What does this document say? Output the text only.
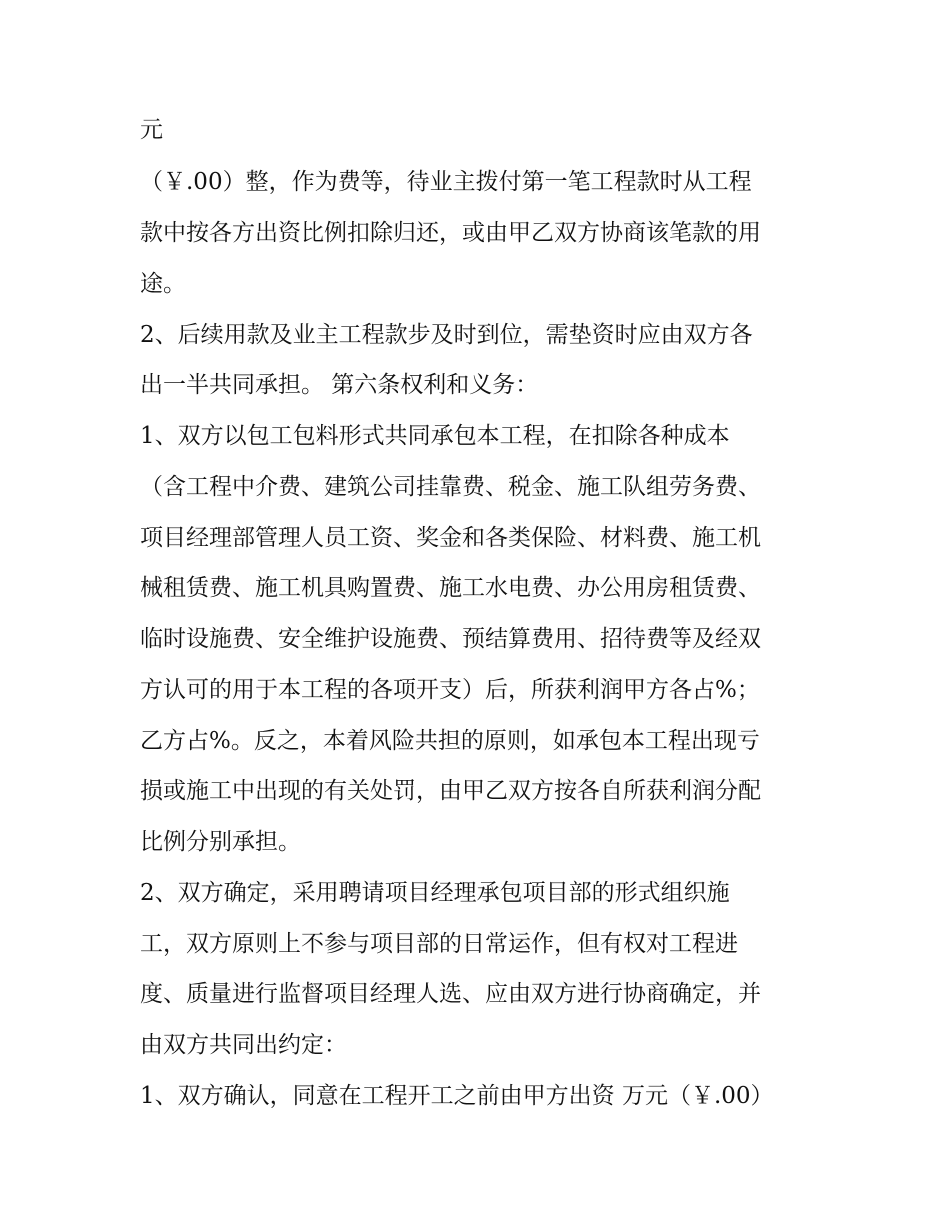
元
（￥.00）整，作为费等，待业主拨付第一笔工程款时从工程
款中按各方出资比例扣除归还，或由甲乙双方协商该笔款的用
途。
2、后续用款及业主工程款步及时到位，需垫资时应由双方各
出一半共同承担。 第六条权利和义务：
1、双方以包工包料形式共同承包本工程，在扣除各种成本
（含工程中介费、建筑公司挂靠费、税金、施工队组劳务费、
项目经理部管理人员工资、奖金和各类保险、材料费、施工机
械租赁费、施工机具购置费、施工水电费、办公用房租赁费、
临时设施费、安全维护设施费、预结算费用、招待费等及经双
方认可的用于本工程的各项开支）后，所获利润甲方各占%；
乙方占%。反之，本着风险共担的原则，如承包本工程出现亏
损或施工中出现的有关处罚，由甲乙双方按各自所获利润分配
比例分别承担。
2、双方确定，采用聘请项目经理承包项目部的形式组织施
工，双方原则上不参与项目部的日常运作，但有权对工程进
度、质量进行监督项目经理人选、应由双方进行协商确定，并
由双方共同出约定：
1、双方确认，同意在工程开工之前由甲方出资 万元（￥.00）
